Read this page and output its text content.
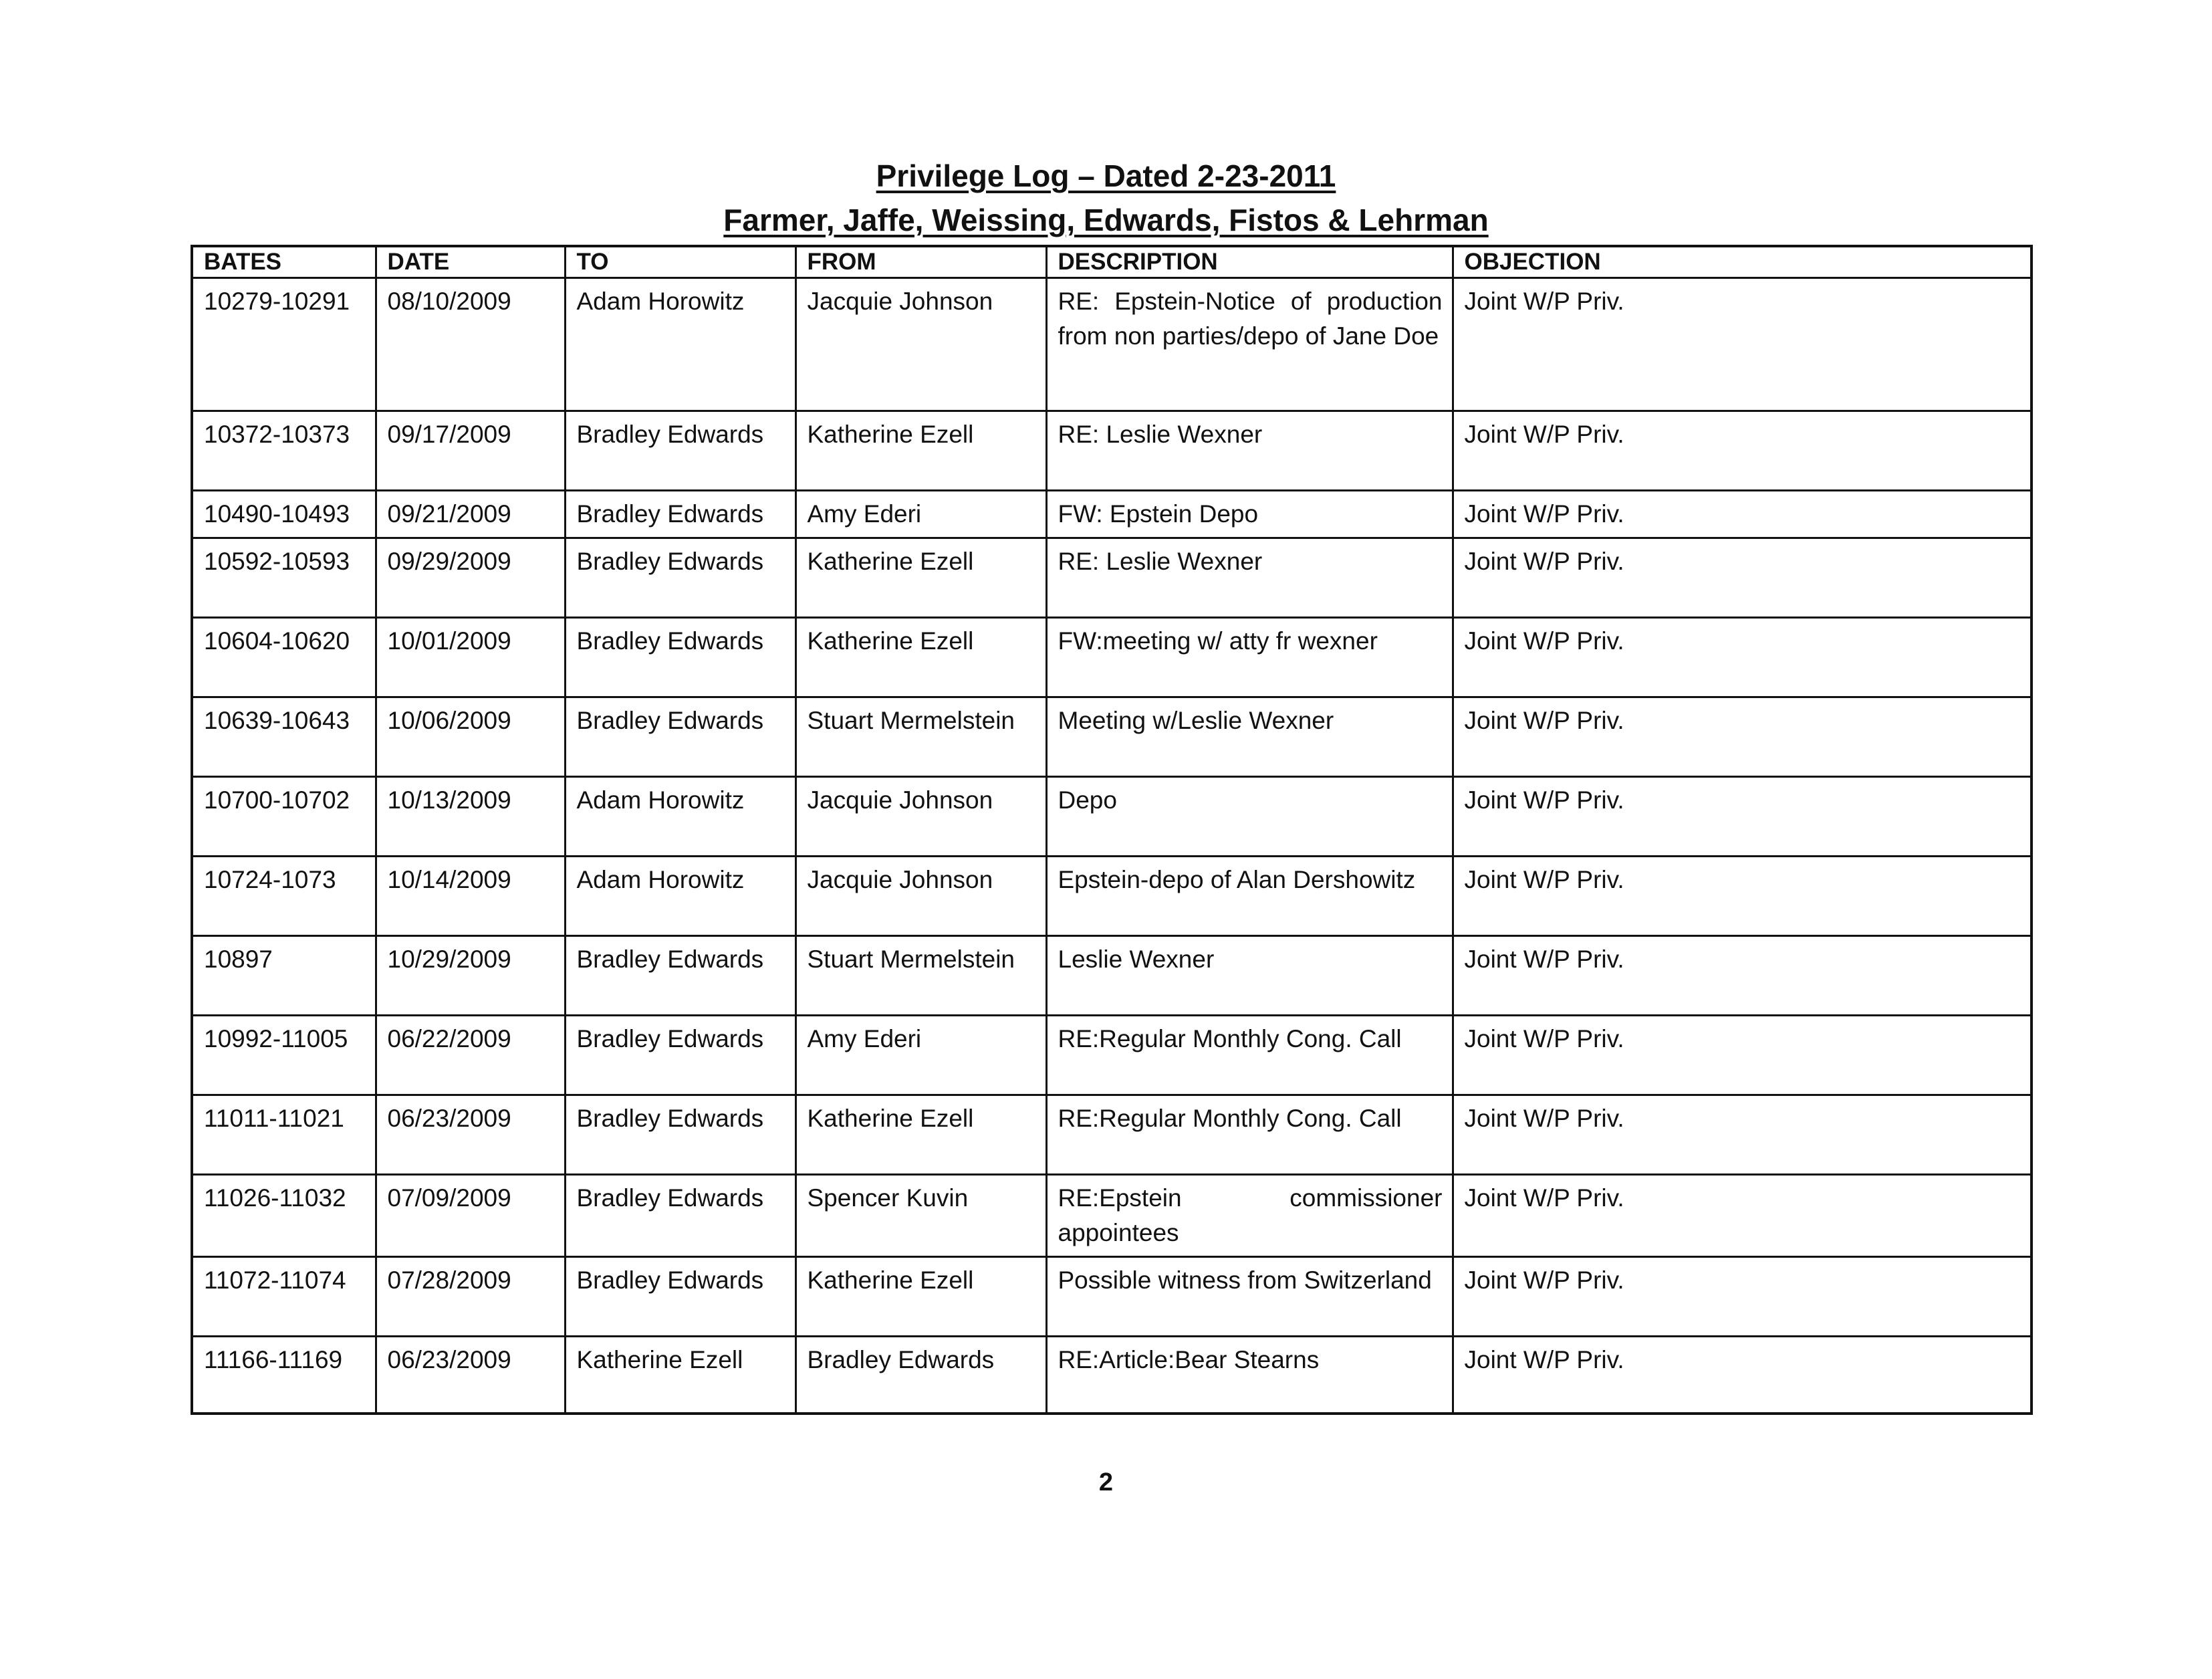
Privilege Log – Dated 2-23-2011
Farmer, Jaffe, Weissing, Edwards, Fistos & Lehrman
BATES	DATE	TO	FROM	DESCRIPTION	OBJECTION
10279-10291	08/10/2009	Adam Horowitz	Jacquie Johnson	RE: Epstein-Notice of production from non parties/depo of Jane Doe	Joint W/P Priv.
10372-10373	09/17/2009	Bradley Edwards	Katherine Ezell	RE: Leslie Wexner	Joint W/P Priv.
10490-10493	09/21/2009	Bradley Edwards	Amy Ederi	FW: Epstein Depo	Joint W/P Priv.
10592-10593	09/29/2009	Bradley Edwards	Katherine Ezell	RE: Leslie Wexner	Joint W/P Priv.
10604-10620	10/01/2009	Bradley Edwards	Katherine Ezell	FW:meeting w/ atty fr wexner	Joint W/P Priv.
10639-10643	10/06/2009	Bradley Edwards	Stuart Mermelstein	Meeting w/Leslie Wexner	Joint W/P Priv.
10700-10702	10/13/2009	Adam Horowitz	Jacquie Johnson	Depo	Joint W/P Priv.
10724-1073	10/14/2009	Adam Horowitz	Jacquie Johnson	Epstein-depo of Alan Dershowitz	Joint W/P Priv.
10897	10/29/2009	Bradley Edwards	Stuart Mermelstein	Leslie Wexner	Joint W/P Priv.
10992-11005	06/22/2009	Bradley Edwards	Amy Ederi	RE:Regular Monthly Cong. Call	Joint W/P Priv.
11011-11021	06/23/2009	Bradley Edwards	Katherine Ezell	RE:Regular Monthly Cong. Call	Joint W/P Priv.
11026-11032	07/09/2009	Bradley Edwards	Spencer Kuvin	RE:Epstein commissioner appointees	Joint W/P Priv.
11072-11074	07/28/2009	Bradley Edwards	Katherine Ezell	Possible witness from Switzerland	Joint W/P Priv.
11166-11169	06/23/2009	Katherine Ezell	Bradley Edwards	RE:Article:Bear Stearns	Joint W/P Priv.
2
